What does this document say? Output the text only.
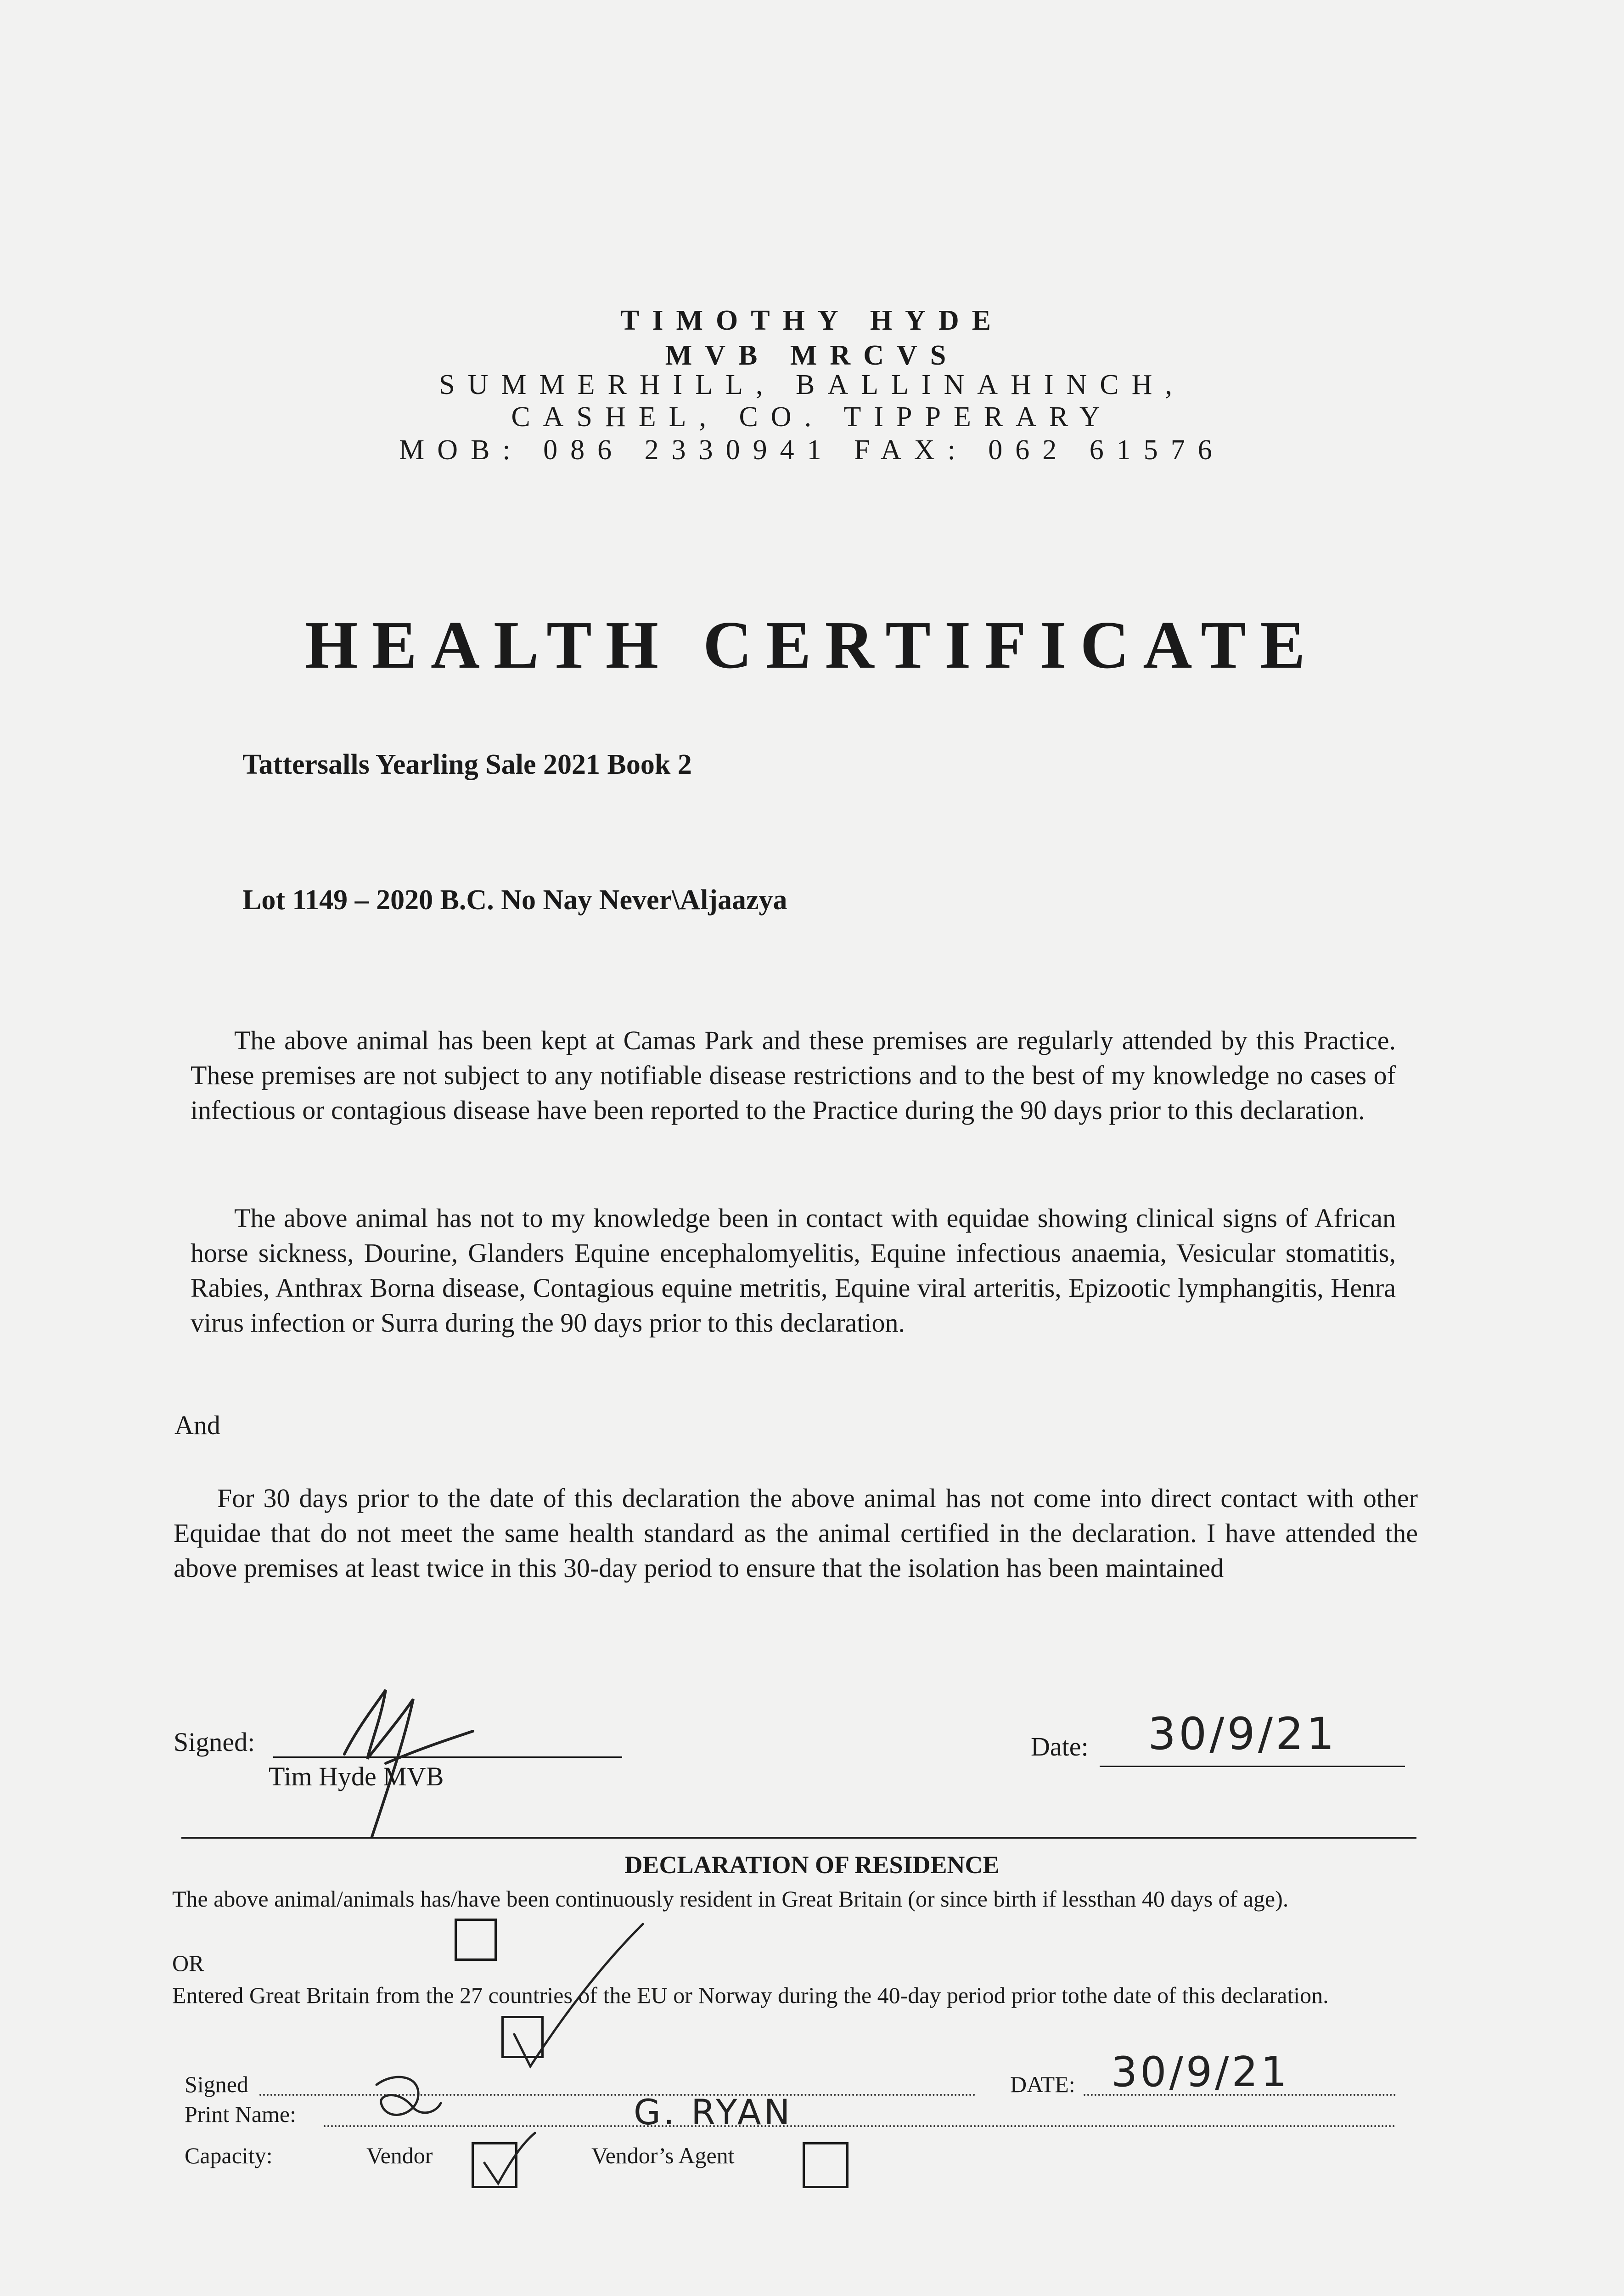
TIMOTHY HYDE
MVB MRCVS
SUMMERHILL, BALLINAHINCH,
CASHEL, CO. TIPPERARY
MOB: 086 2330941 FAX: 062 61576
HEALTH CERTIFICATE
Tattersalls Yearling Sale 2021 Book 2
Lot 1149 – 2020 B.C. No Nay Never\Aljaazya
The above animal has been kept at Camas Park and these premises are regularly attended by this Practice. These premises are not subject to any notifiable disease restrictions and to the best of my knowledge no cases of infectious or contagious disease have been reported to the Practice during the 90 days prior to this declaration.
The above animal has not to my knowledge been in contact with equidae showing clinical signs of African horse sickness, Dourine, Glanders Equine encephalomyelitis, Equine infectious anaemia, Vesicular stomatitis, Rabies, Anthrax Borna disease, Contagious equine metritis, Equine viral arteritis, Epizootic lymphangitis, Henra virus infection or Surra during the 90 days prior to this declaration.
And
For 30 days prior to the date of this declaration the above animal has not come into direct contact with other Equidae that do not meet the same health standard as the animal certified in the declaration. I have attended the above premises at least twice in this 30-day period to ensure that the isolation has been maintained
Signed:
Tim Hyde MVB
Date: 30/9/21
DECLARATION OF RESIDENCE
The above animal/animals has/have been continuously resident in Great Britain (or since birth if lessthan 40 days of age).
OR
Entered Great Britain from the 27 countries of the EU or Norway during the 40-day period prior tothe date of this declaration.
Signed	DATE: 30/9/21
Print Name:	G. RYAN
Capacity:	Vendor	Vendor’s Agent
